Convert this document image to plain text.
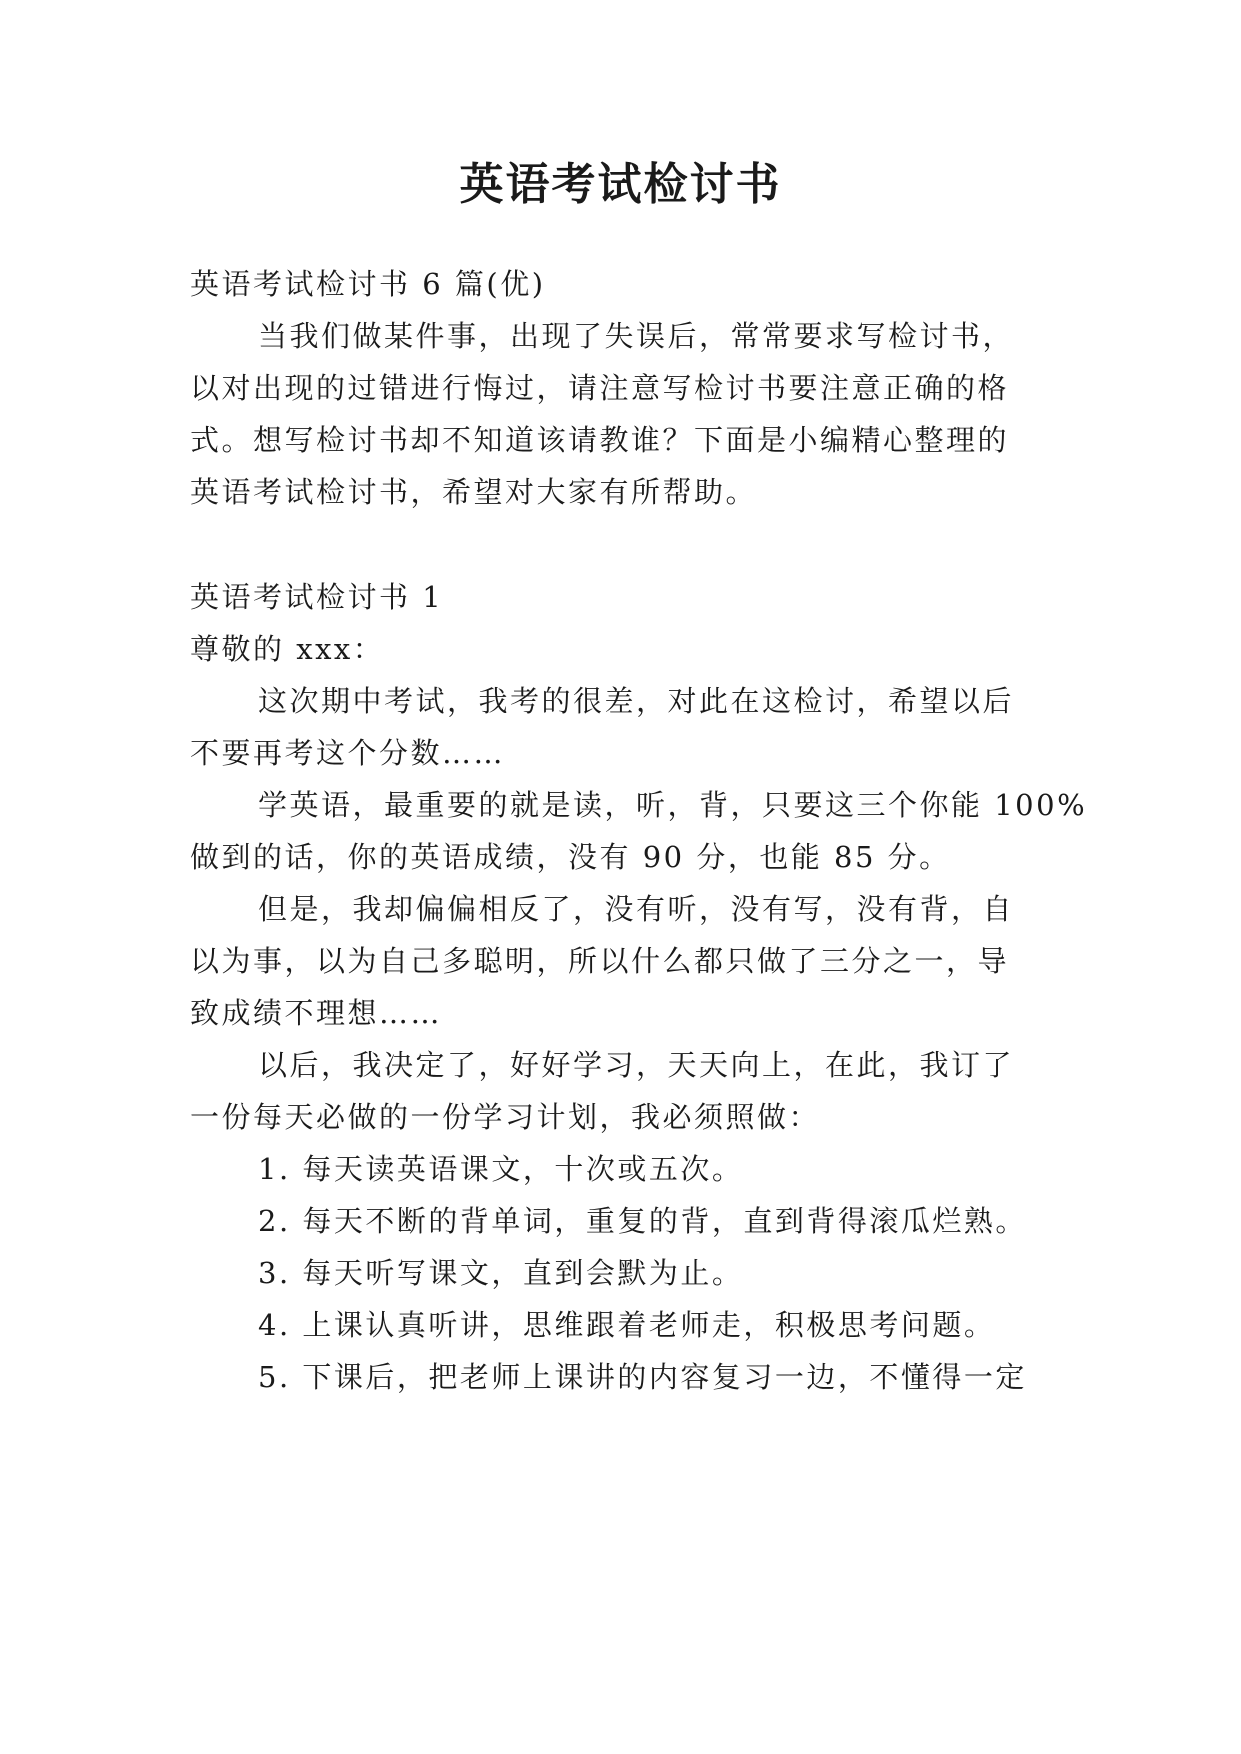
英语考试检讨书
英语考试检讨书 6 篇(优)
当我们做某件事，出现了失误后，常常要求写检讨书，
以对出现的过错进行悔过，请注意写检讨书要注意正确的格
式。想写检讨书却不知道该请教谁？下面是小编精心整理的
英语考试检讨书，希望对大家有所帮助。
英语考试检讨书 1
尊敬的 xxx：
这次期中考试，我考的很差，对此在这检讨，希望以后
不要再考这个分数……
学英语，最重要的就是读，听，背，只要这三个你能 100%
做到的话，你的英语成绩，没有 90 分，也能 85 分。
但是，我却偏偏相反了，没有听，没有写，没有背，自
以为事，以为自己多聪明，所以什么都只做了三分之一，导
致成绩不理想……
以后，我决定了，好好学习，天天向上，在此，我订了
一份每天必做的一份学习计划，我必须照做：
1. 每天读英语课文，十次或五次。
2. 每天不断的背单词，重复的背，直到背得滚瓜烂熟。
3. 每天听写课文，直到会默为止。
4. 上课认真听讲，思维跟着老师走，积极思考问题。
5. 下课后，把老师上课讲的内容复习一边，不懂得一定
